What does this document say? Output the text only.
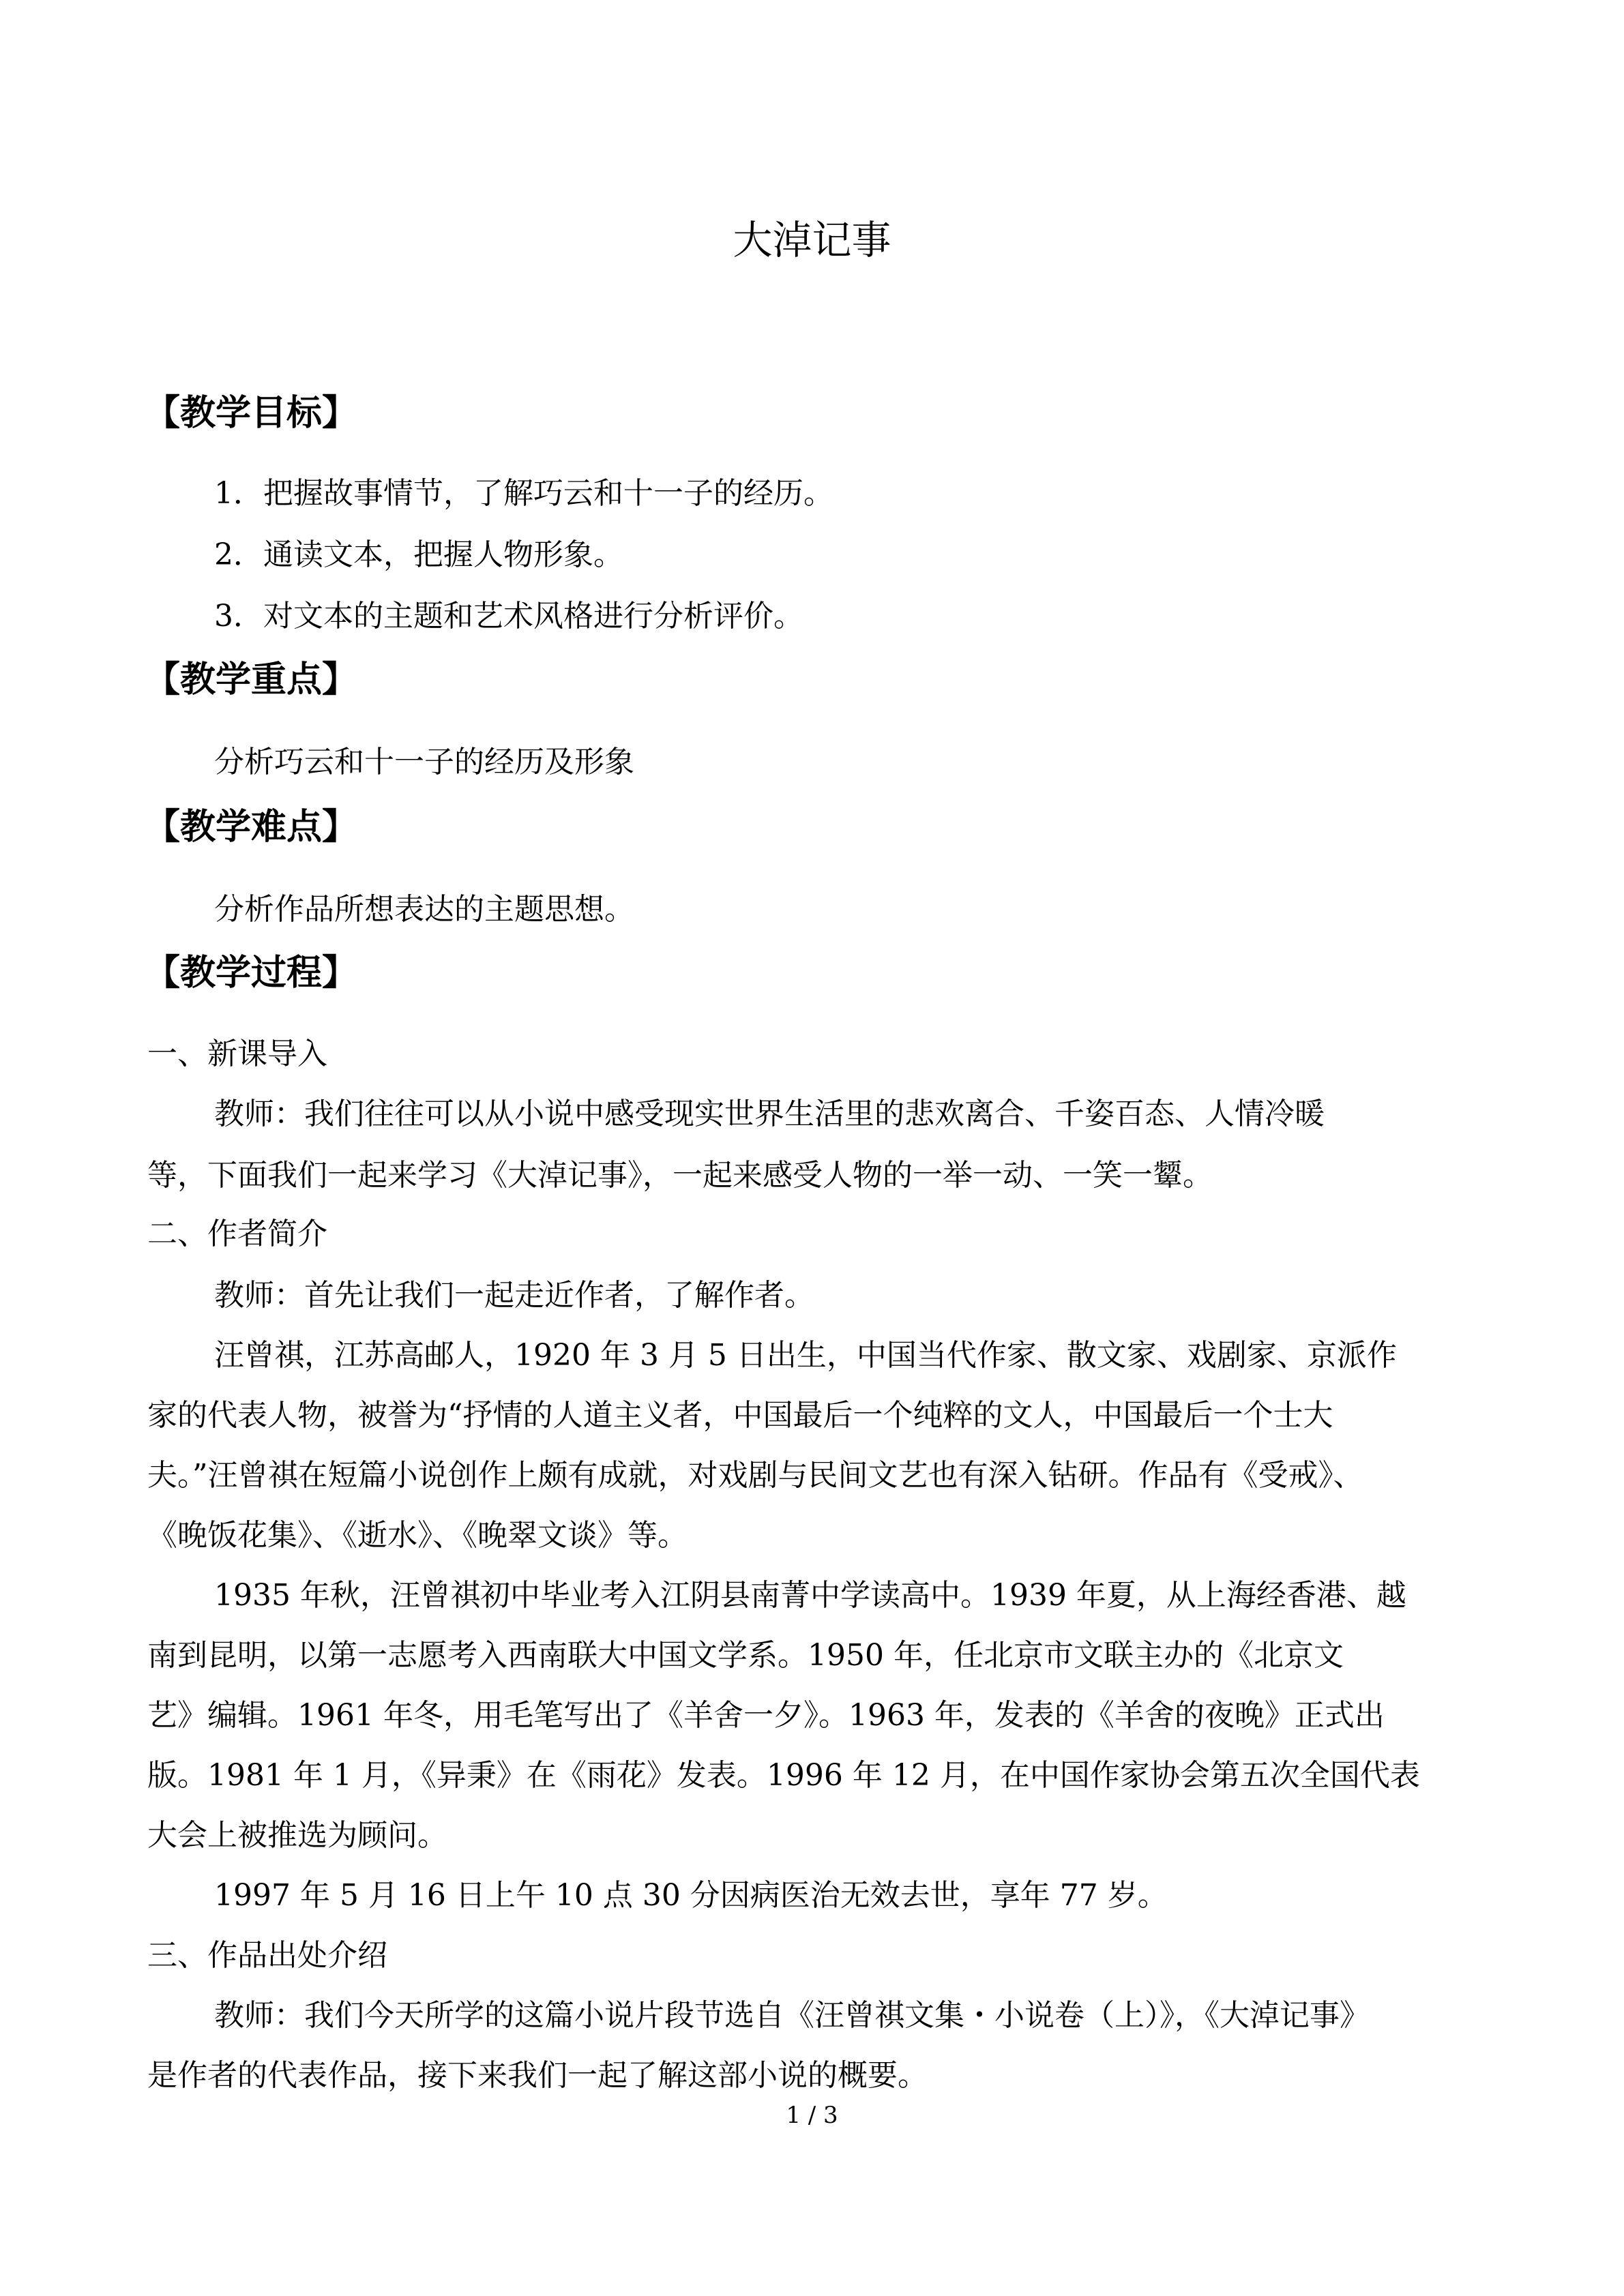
大淖记事
【教学目标】
1．把握故事情节，了解巧云和十一子的经历。
2．通读文本，把握人物形象。
3．对文本的主题和艺术风格进行分析评价。
【教学重点】
分析巧云和十一子的经历及形象
【教学难点】
分析作品所想表达的主题思想。
【教学过程】
一、新课导入
教师：我们往往可以从小说中感受现实世界生活里的悲欢离合、千姿百态、人情冷暖
等，下面我们一起来学习《大淖记事》，一起来感受人物的一举一动、一笑一颦。
二、作者简介
教师：首先让我们一起走近作者，了解作者。
汪曾祺，江苏高邮人，1920 年 3 月 5 日出生，中国当代作家、散文家、戏剧家、京派作
家的代表人物，被誉为“抒情的人道主义者，中国最后一个纯粹的文人，中国最后一个士大
夫。”汪曾祺在短篇小说创作上颇有成就，对戏剧与民间文艺也有深入钻研。作品有《受戒》、
《晚饭花集》、《逝水》、《晚翠文谈》等。
1935 年秋，汪曾祺初中毕业考入江阴县南菁中学读高中。1939 年夏，从上海经香港、越
南到昆明，以第一志愿考入西南联大中国文学系。1950 年，任北京市文联主办的《北京文
艺》编辑。1961 年冬，用毛笔写出了《羊舍一夕》。1963 年，发表的《羊舍的夜晚》正式出
版。1981 年 1 月，《异秉》在《雨花》发表。1996 年 12 月，在中国作家协会第五次全国代表
大会上被推选为顾问。
1997 年 5 月 16 日上午 10 点 30 分因病医治无效去世，享年 77 岁。
三、作品出处介绍
教师：我们今天所学的这篇小说片段节选自《汪曾祺文集・小说卷（上）》，《大淖记事》
是作者的代表作品，接下来我们一起了解这部小说的概要。
1 / 3
